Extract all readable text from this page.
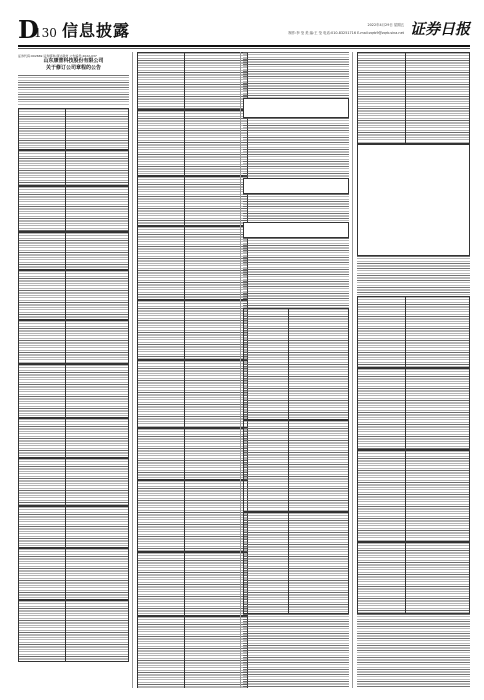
D
130 信息披露	2022年4月29日 星期五
制作:李 莹 美 编:王 莹 电话:010-83251716 E-mail:zqrb9@zqrb.sina.net 证券日报
证券代码:002669 证券简称:康达新材 公告编号:2022-037
山东康普科技股份有限公司
关于修订公司章程的公告
